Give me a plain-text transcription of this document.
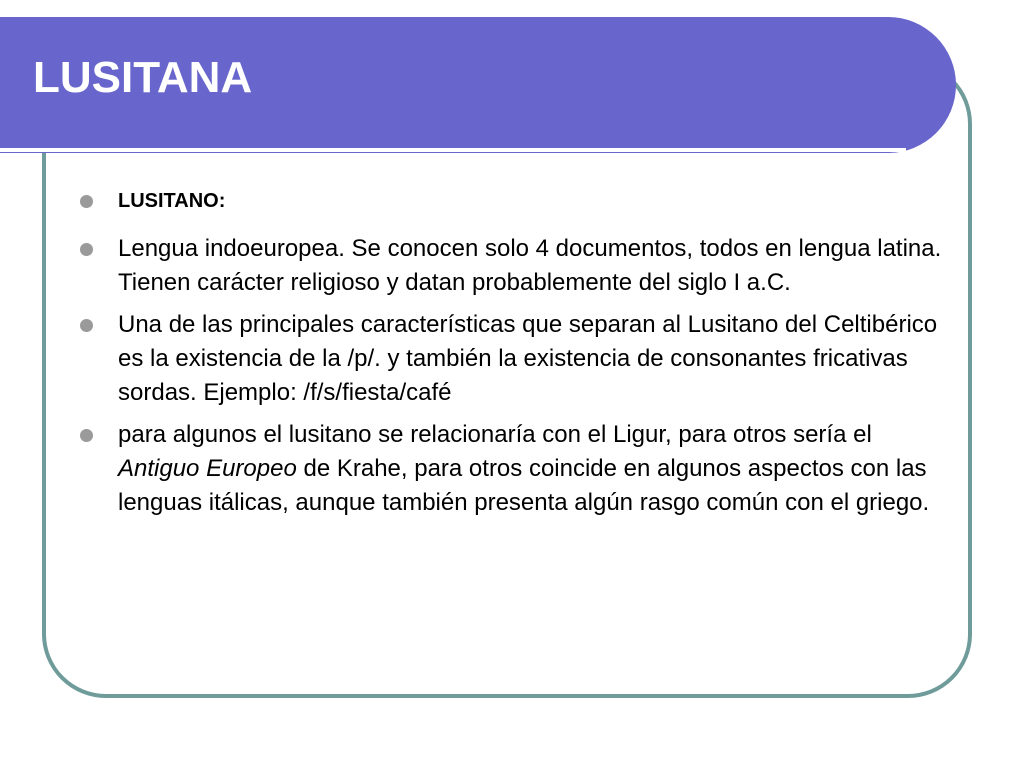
LUSITANA
LUSITANO:
Lengua indoeuropea. Se conocen solo 4 documentos, todos en lengua latina. Tienen carácter religioso y datan probablemente del siglo I a.C.
Una de las principales características que separan al Lusitano del Celtibérico es la existencia de la /p/. y también la existencia de consonantes fricativas sordas. Ejemplo: /f/s/fiesta/café
para algunos el lusitano se relacionaría con el Ligur, para otros sería el Antiguo Europeo de Krahe, para otros coincide en algunos aspectos con las lenguas itálicas, aunque también presenta algún rasgo común con el griego.
